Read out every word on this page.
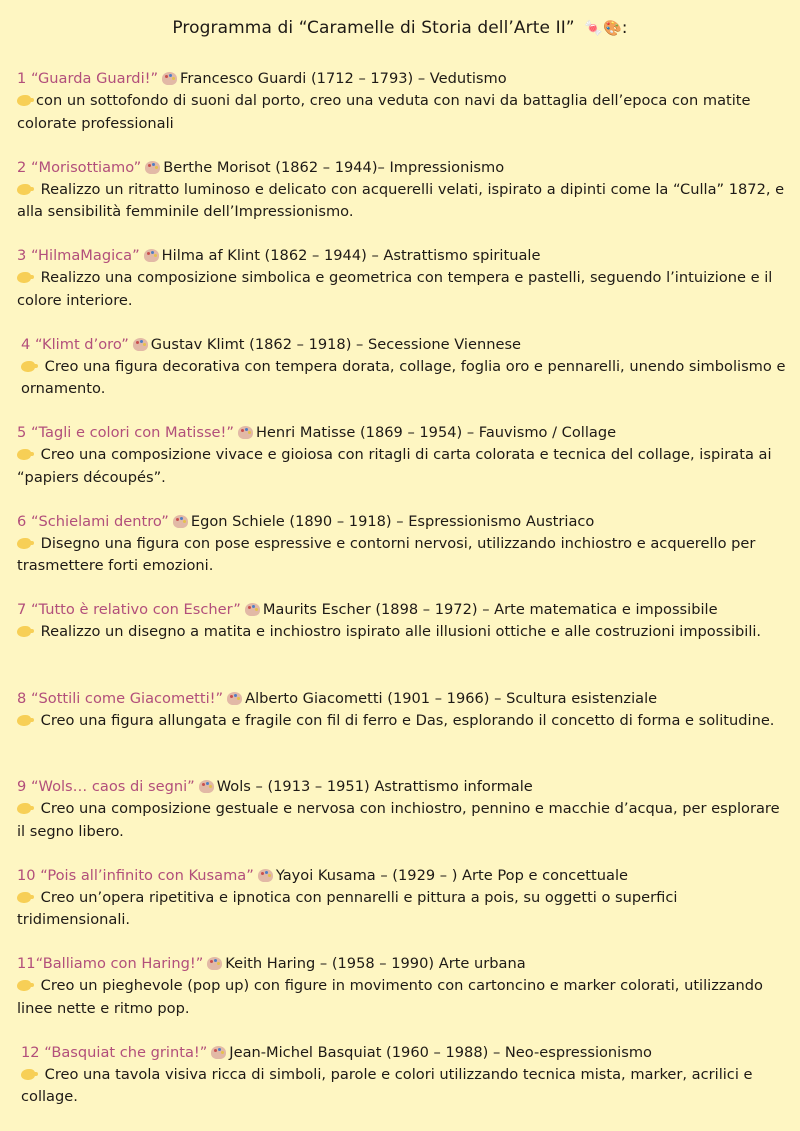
Programma di “Caramelle di Storia dell’Arte II” 🍬🎨:
1 “Guarda Guardi!” Francesco Guardi (1712 – 1793) – Vedutismo
con un sottofondo di suoni dal porto, creo una veduta con navi da battaglia dell’epoca con matite colorate professionali
2 “Morisottiamo” Berthe Morisot (1862 – 1944)– Impressionismo
Realizzo un ritratto luminoso e delicato con acquerelli velati, ispirato a dipinti come la “Culla” 1872, e alla sensibilità femminile dell’Impressionismo.
3 “HilmaMagica” Hilma af Klint (1862 – 1944) – Astrattismo spirituale
Realizzo una composizione simbolica e geometrica con tempera e pastelli, seguendo l’intuizione e il colore interiore.
4 “Klimt d’oro” Gustav Klimt (1862 – 1918) – Secessione Viennese
Creo una figura decorativa con tempera dorata, collage, foglia oro e pennarelli, unendo simbolismo e ornamento.
5 “Tagli e colori con Matisse!” Henri Matisse (1869 – 1954) – Fauvismo / Collage
Creo una composizione vivace e gioiosa con ritagli di carta colorata e tecnica del collage, ispirata ai “papiers découpés”.
6 “Schielami dentro” Egon Schiele (1890 – 1918) – Espressionismo Austriaco
Disegno una figura con pose espressive e contorni nervosi, utilizzando inchiostro e acquerello per trasmettere forti emozioni.
7 “Tutto è relativo con Escher” Maurits Escher (1898 – 1972) – Arte matematica e impossibile
Realizzo un disegno a matita e inchiostro ispirato alle illusioni ottiche e alle costruzioni impossibili.
8 “Sottili come Giacometti!” Alberto Giacometti (1901 – 1966) – Scultura esistenziale
Creo una figura allungata e fragile con fil di ferro e Das, esplorando il concetto di forma e solitudine.
9 “Wols… caos di segni” Wols – (1913 – 1951) Astrattismo informale
Creo una composizione gestuale e nervosa con inchiostro, pennino e macchie d’acqua, per esplorare il segno libero.
10 “Pois all’infinito con Kusama” Yayoi Kusama – (1929 – ) Arte Pop e concettuale
Creo un’opera ripetitiva e ipnotica con pennarelli e pittura a pois, su oggetti o superfici tridimensionali.
11“Balliamo con Haring!” Keith Haring – (1958 – 1990) Arte urbana
Creo un pieghevole (pop up) con figure in movimento con cartoncino e marker colorati, utilizzando linee nette e ritmo pop.
12 “Basquiat che grinta!” Jean-Michel Basquiat (1960 – 1988) – Neo-espressionismo
Creo una tavola visiva ricca di simboli, parole e colori utilizzando tecnica mista, marker, acrilici e collage.
